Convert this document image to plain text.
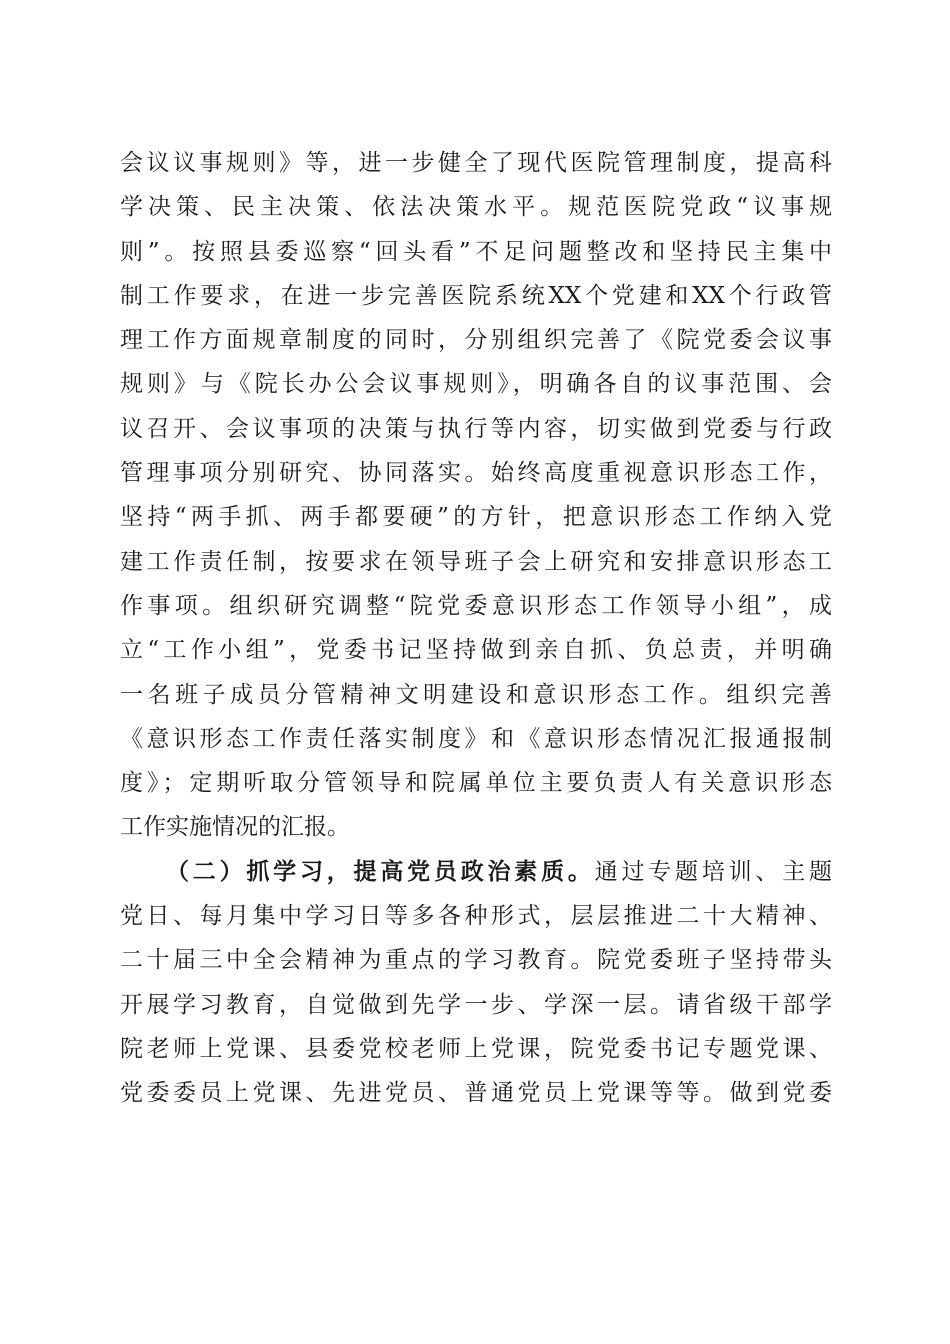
会议议事规则》等，进一步健全了现代医院管理制度，提高科
学决策、民主决策、依法决策水平。规范医院党政“议事规
则”。按照县委巡察“回头看”不足问题整改和坚持民主集中
制工作要求，在进一步完善医院系统XX个党建和XX个行政管
理工作方面规章制度的同时，分别组织完善了《院党委会议事
规则》与《院长办公会议事规则》，明确各自的议事范围、会
议召开、会议事项的决策与执行等内容，切实做到党委与行政
管理事项分别研究、协同落实。始终高度重视意识形态工作，
坚持“两手抓、两手都要硬”的方针，把意识形态工作纳入党
建工作责任制，按要求在领导班子会上研究和安排意识形态工
作事项。组织研究调整“院党委意识形态工作领导小组”，成
立“工作小组”，党委书记坚持做到亲自抓、负总责，并明确
一名班子成员分管精神文明建设和意识形态工作。组织完善
《意识形态工作责任落实制度》和《意识形态情况汇报通报制
度》；定期听取分管领导和院属单位主要负责人有关意识形态
工作实施情况的汇报。
（二）抓学习，提高党员政治素质。通过专题培训、主题
党日、每月集中学习日等多各种形式，层层推进二十大精神、
二十届三中全会精神为重点的学习教育。院党委班子坚持带头
开展学习教育，自觉做到先学一步、学深一层。请省级干部学
院老师上党课、县委党校老师上党课，院党委书记专题党课、
党委委员上党课、先进党员、普通党员上党课等等。做到党委
